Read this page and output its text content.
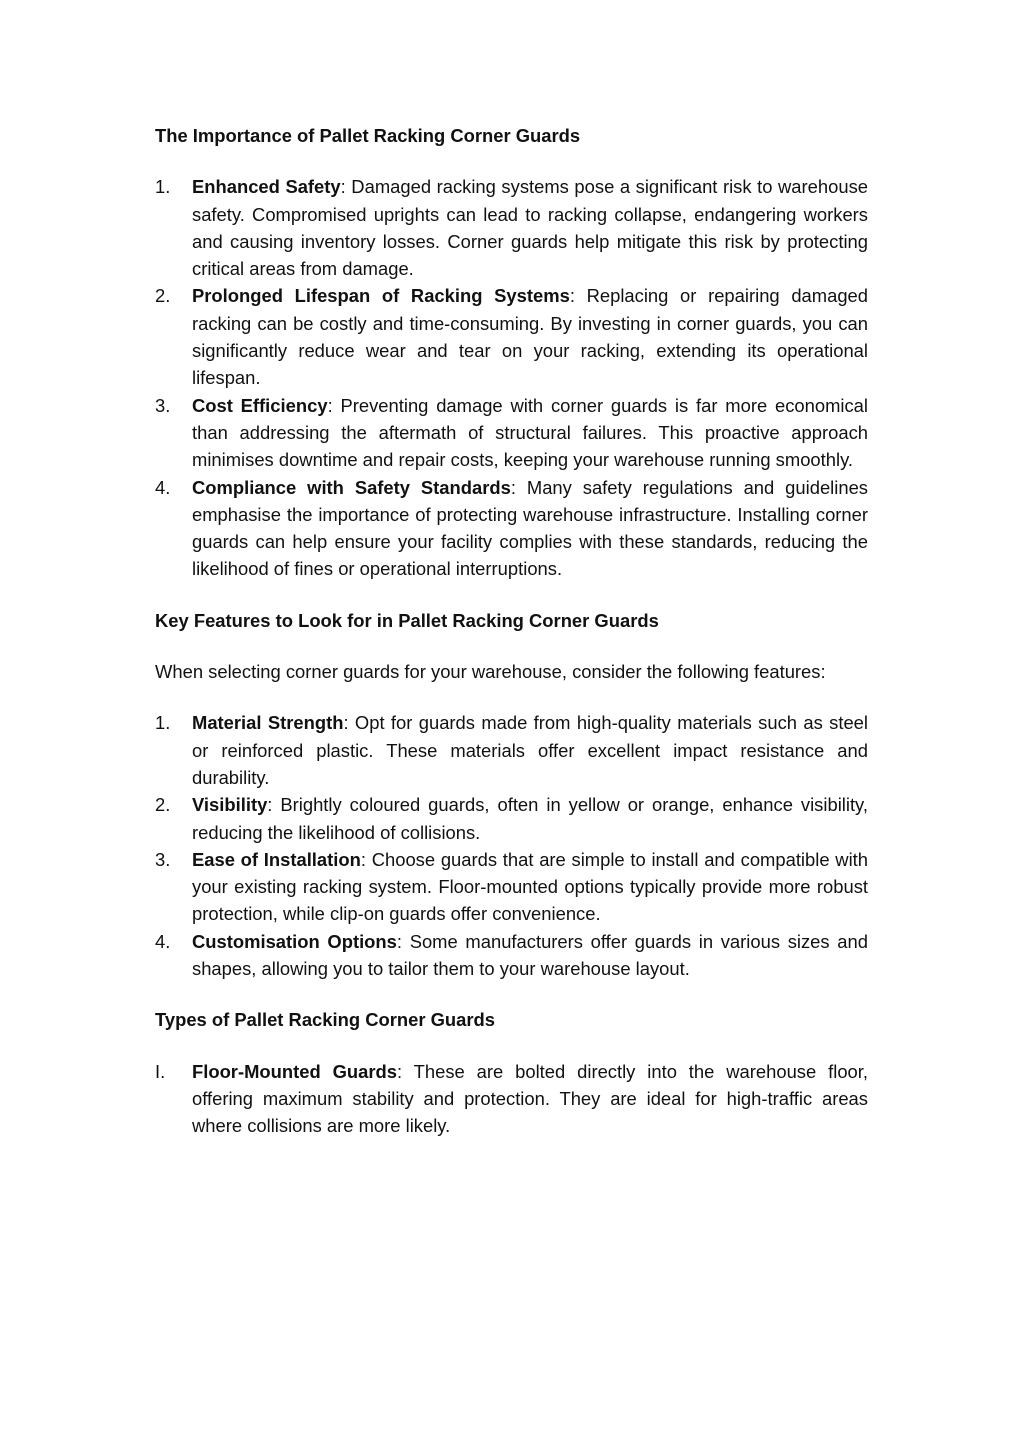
The Importance of Pallet Racking Corner Guards

1. Enhanced Safety: Damaged racking systems pose a significant risk to warehouse safety. Compromised uprights can lead to racking collapse, endangering workers and causing inventory losses. Corner guards help mitigate this risk by protecting critical areas from damage.
2. Prolonged Lifespan of Racking Systems: Replacing or repairing damaged racking can be costly and time-consuming. By investing in corner guards, you can significantly reduce wear and tear on your racking, extending its operational lifespan.
3. Cost Efficiency: Preventing damage with corner guards is far more economical than addressing the aftermath of structural failures. This proactive approach minimises downtime and repair costs, keeping your warehouse running smoothly.
4. Compliance with Safety Standards: Many safety regulations and guidelines emphasise the importance of protecting warehouse infrastructure. Installing corner guards can help ensure your facility complies with these standards, reducing the likelihood of fines or operational interruptions.

Key Features to Look for in Pallet Racking Corner Guards

When selecting corner guards for your warehouse, consider the following features:

1. Material Strength: Opt for guards made from high-quality materials such as steel or reinforced plastic. These materials offer excellent impact resistance and durability.
2. Visibility: Brightly coloured guards, often in yellow or orange, enhance visibility, reducing the likelihood of collisions.
3. Ease of Installation: Choose guards that are simple to install and compatible with your existing racking system. Floor-mounted options typically provide more robust protection, while clip-on guards offer convenience.
4. Customisation Options: Some manufacturers offer guards in various sizes and shapes, allowing you to tailor them to your warehouse layout.

Types of Pallet Racking Corner Guards

I. Floor-Mounted Guards: These are bolted directly into the warehouse floor, offering maximum stability and protection. They are ideal for high-traffic areas where collisions are more likely.
